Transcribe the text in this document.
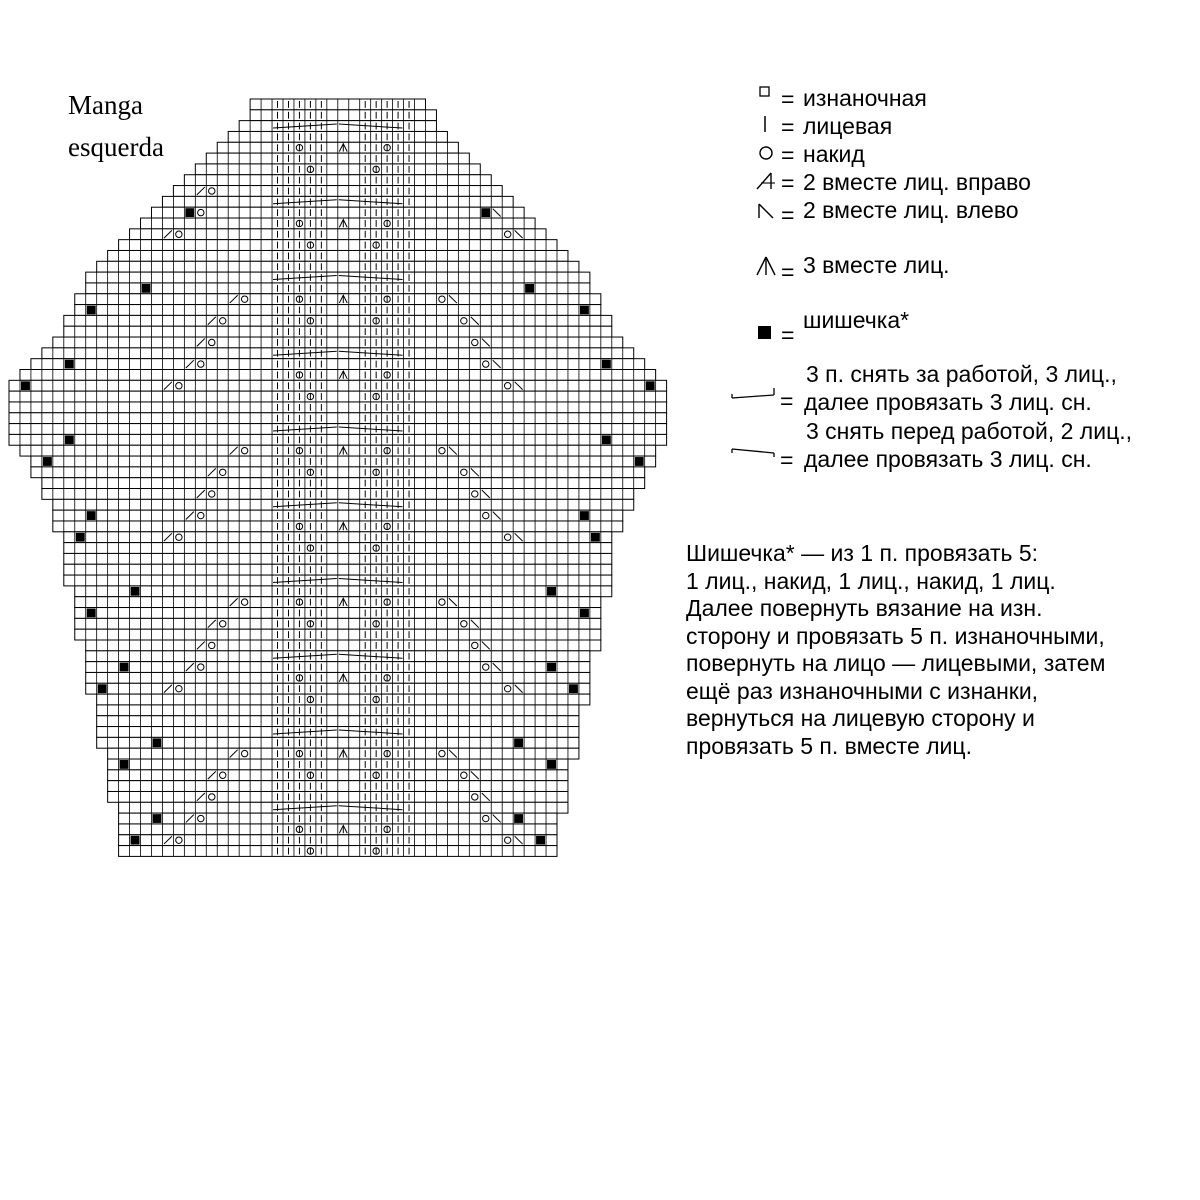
Manga
esquerda
= изнаночная
= лицевая
= накид
= 2 вместе лиц. вправо
= 2 вместе лиц. влево
= 3 вместе лиц.
=
шишечка*
=
3 п. снять за работой, 3 лиц.,
далее провязать 3 лиц. сн.
=
3 снять перед работой, 2 лиц.,
далее провязать 3 лиц. сн.
Шишечка* — из 1 п. провязать 5:
1 лиц., накид, 1 лиц., накид, 1 лиц.
Далее повернуть вязание на изн.
сторону и провязать 5 п. изнаночными,
повернуть на лицо — лицевыми, затем
ещё раз изнаночными с изнанки,
вернуться на лицевую сторону и
провязать 5 п. вместе лиц.
